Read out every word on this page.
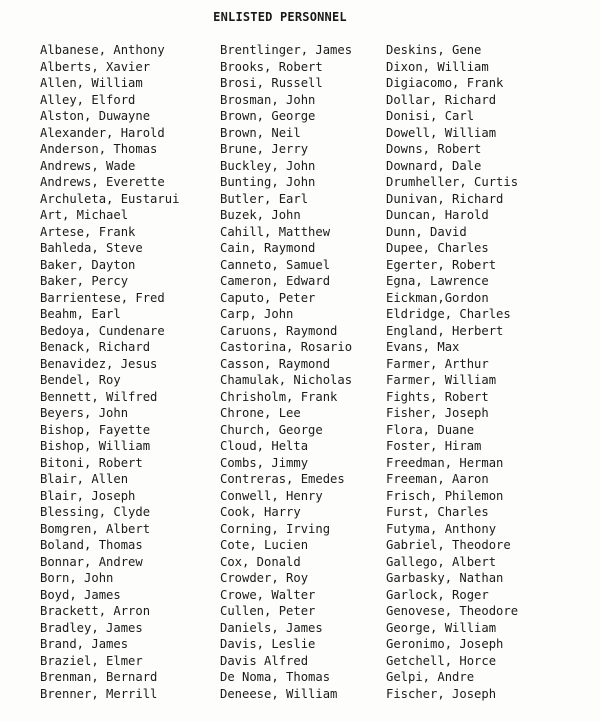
ENLISTED PERSONNEL
Albanese, Anthony
Alberts, Xavier
Allen, William
Alley, Elford
Alston, Duwayne
Alexander, Harold
Anderson, Thomas
Andrews, Wade
Andrews, Everette
Archuleta, Eustarui
Art, Michael
Artese, Frank
Bahleda, Steve
Baker, Dayton
Baker, Percy
Barrientese, Fred
Beahm, Earl
Bedoya, Cundenare
Benack, Richard
Benavidez, Jesus
Bendel, Roy
Bennett, Wilfred
Beyers, John
Bishop, Fayette
Bishop, William
Bitoni, Robert
Blair, Allen
Blair, Joseph
Blessing, Clyde
Bomgren, Albert
Boland, Thomas
Bonnar, Andrew
Born, John
Boyd, James
Brackett, Arron
Bradley, James
Brand, James
Braziel, Elmer
Brenman, Bernard
Brenner, Merrill
Brentlinger, James
Brooks, Robert
Brosi, Russell
Brosman, John
Brown, George
Brown, Neil
Brune, Jerry
Buckley, John
Bunting, John
Butler, Earl
Buzek, John
Cahill, Matthew
Cain, Raymond
Canneto, Samuel
Cameron, Edward
Caputo, Peter
Carp, John
Caruons, Raymond
Castorina, Rosario
Casson, Raymond
Chamulak, Nicholas
Chrisholm, Frank
Chrone, Lee
Church, George
Cloud, Helta
Combs, Jimmy
Contreras, Emedes
Conwell, Henry
Cook, Harry
Corning, Irving
Cote, Lucien
Cox, Donald
Crowder, Roy
Crowe, Walter
Cullen, Peter
Daniels, James
Davis, Leslie
Davis Alfred
De Noma, Thomas
Deneese, William
Deskins, Gene
Dixon, William
Digiacomo, Frank
Dollar, Richard
Donisi, Carl
Dowell, William
Downs, Robert
Downard, Dale
Drumheller, Curtis
Dunivan, Richard
Duncan, Harold
Dunn, David
Dupee, Charles
Egerter, Robert
Egna, Lawrence
Eickman,Gordon
Eldridge, Charles
England, Herbert
Evans, Max
Farmer, Arthur
Farmer, William
Fights, Robert
Fisher, Joseph
Flora, Duane
Foster, Hiram
Freedman, Herman
Freeman, Aaron
Frisch, Philemon
Furst, Charles
Futyma, Anthony
Gabriel, Theodore
Gallego, Albert
Garbasky, Nathan
Garlock, Roger
Genovese, Theodore
George, William
Geronimo, Joseph
Getchell, Horce
Gelpi, Andre
Fischer, Joseph
